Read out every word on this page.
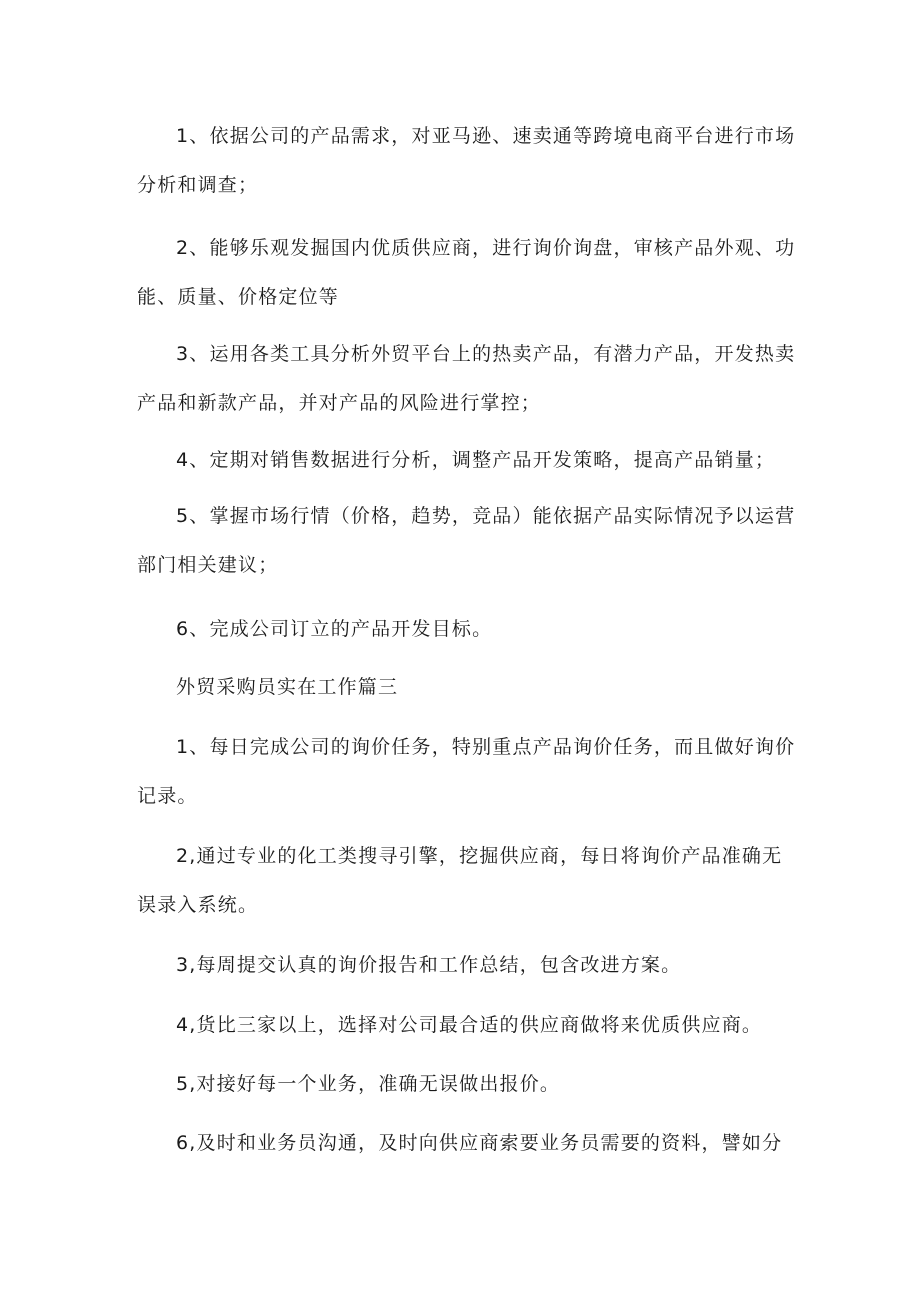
1、依据公司的产品需求，对亚马逊、速卖通等跨境电商平台进行市场

分析和调查；

2、能够乐观发掘国内优质供应商，进行询价询盘，审核产品外观、功

能、质量、价格定位等

3、运用各类工具分析外贸平台上的热卖产品，有潜力产品，开发热卖

产品和新款产品，并对产品的风险进行掌控；

4、定期对销售数据进行分析，调整产品开发策略，提高产品销量；

5、掌握市场行情（价格，趋势，竞品）能依据产品实际情况予以运营

部门相关建议；

6、完成公司订立的产品开发目标。

外贸采购员实在工作篇三

1、每日完成公司的询价任务，特别重点产品询价任务，而且做好询价

记录。

2,通过专业的化工类搜寻引擎，挖掘供应商，每日将询价产品准确无

误录入系统。

3,每周提交认真的询价报告和工作总结，包含改进方案。

4,货比三家以上，选择对公司最合适的供应商做将来优质供应商。

5,对接好每一个业务，准确无误做出报价。

6,及时和业务员沟通，及时向供应商索要业务员需要的资料，譬如分
